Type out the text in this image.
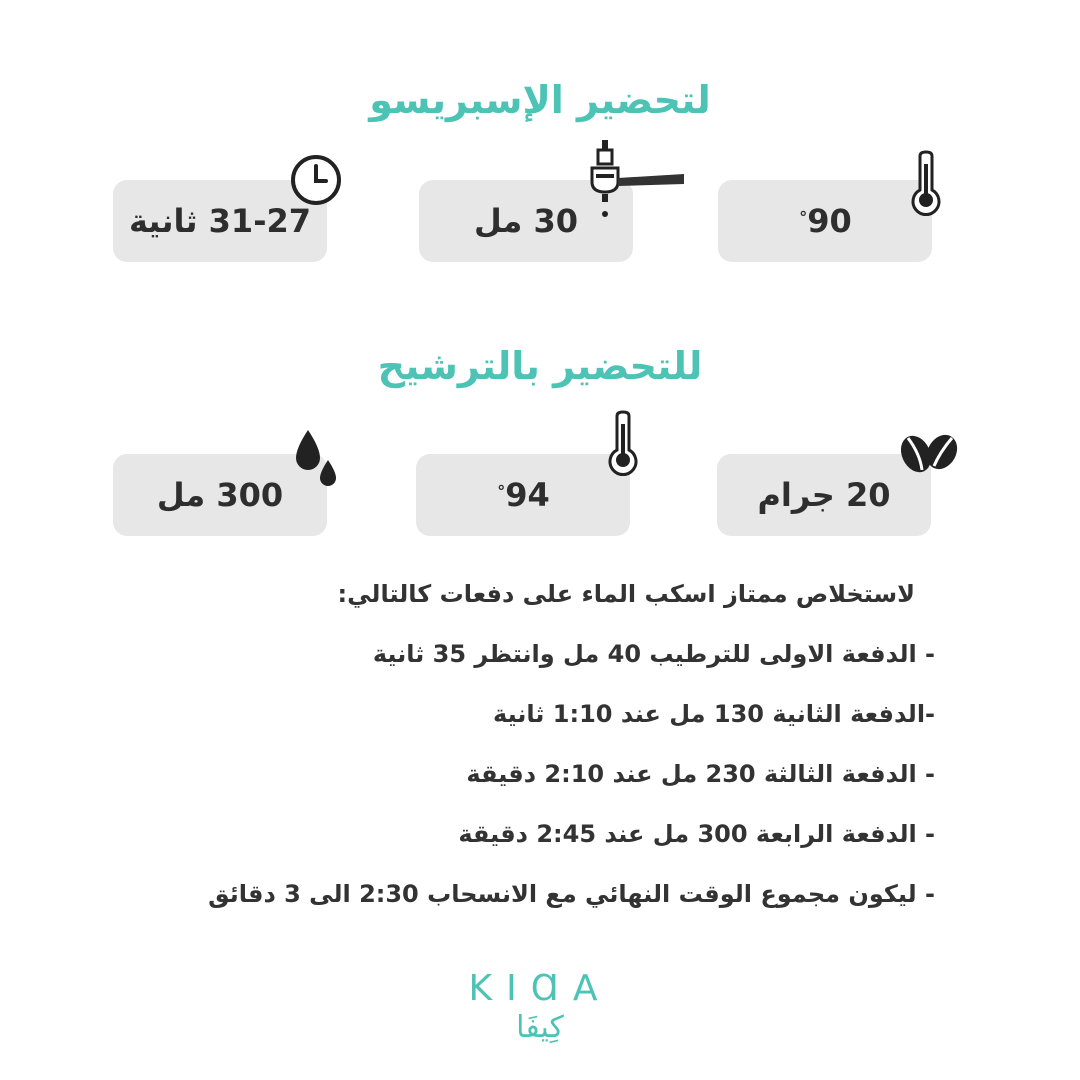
لتحضير الإسبريسو
31-27 ثانية	30 مل	90
°
للتحضير بالترشيح
300 مل	94
°	20 جرام
لاستخلاص ممتاز اسكب الماء على دفعات كالتالي:
- الدفعة الاولى للترطيب 40 مل وانتظر 35 ثانية
-الدفعة الثانية 130 مل عند 1:10 ثانية
- الدفعة الثالثة 230 مل عند 2:10 دقيقة
- الدفعة الرابعة 300 مل عند 2:45 دقيقة
- ليكون مجموع الوقت النهائي مع الانسحاب 2:30 الى 3 دقائق
KIⱭA
كِيفَا
